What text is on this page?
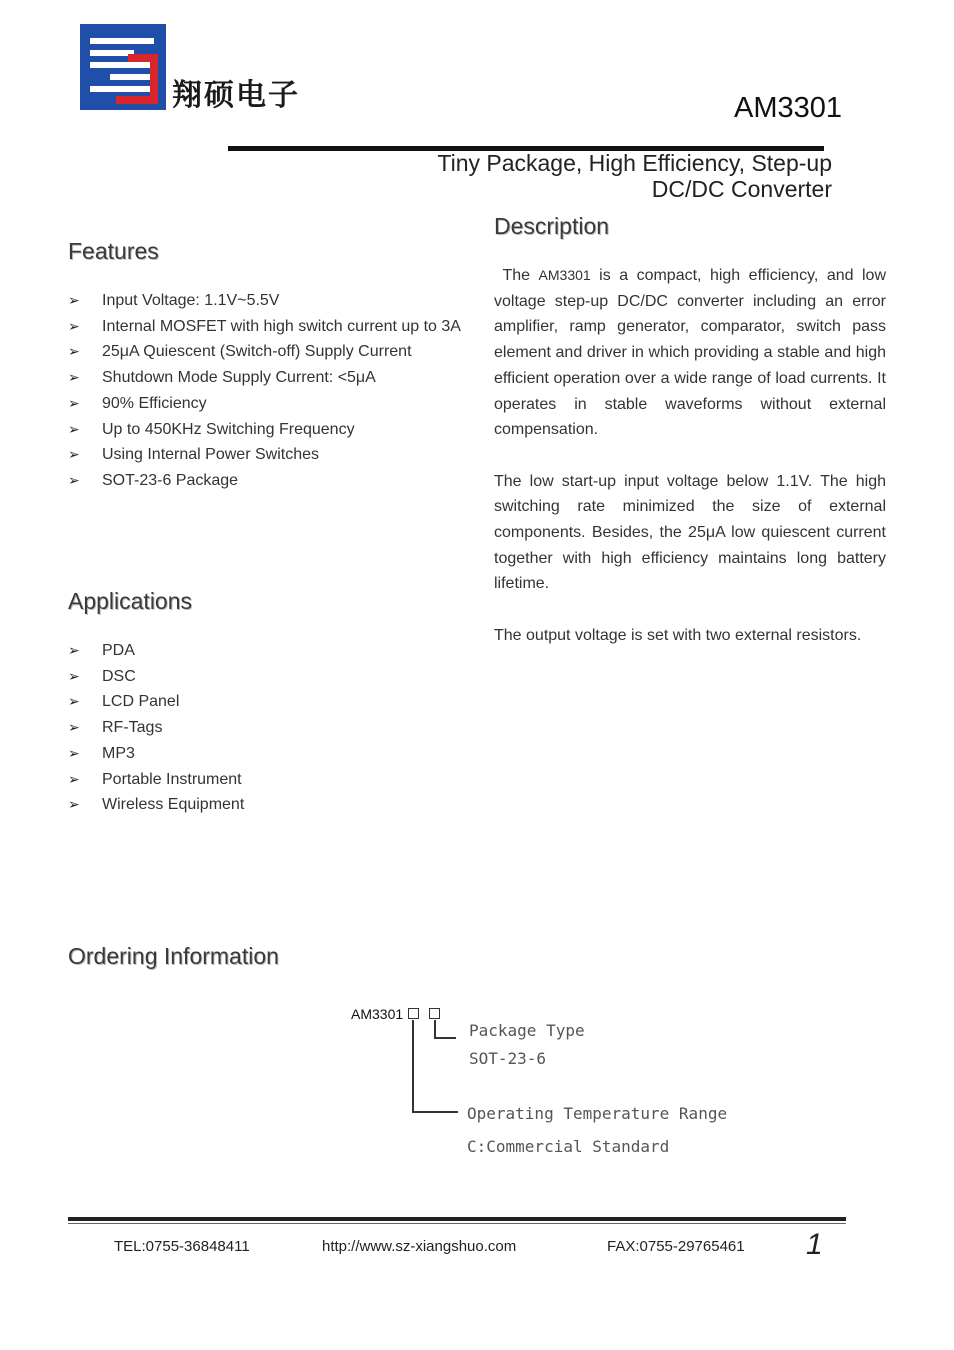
翔硕电子	AM3301
Tiny Package, High Efficiency, Step-up
DC/DC Converter
Features
➢ Input Voltage: 1.1V~5.5V
➢ Internal MOSFET with high switch current up to 3A
➢ 25μA Quiescent (Switch-off) Supply Current
➢ Shutdown Mode Supply Current: <5μA
➢ 90% Efficiency
➢ Up to 450KHz Switching Frequency
➢ Using Internal Power Switches
➢ SOT-23-6 Package
Applications
➢ PDA
➢ DSC
➢ LCD Panel
➢ RF-Tags
➢ MP3
➢ Portable Instrument
➢ Wireless Equipment
Description

The AM3301 is a compact, high efficiency, and low voltage step-up DC/DC converter including an error amplifier, ramp generator, comparator, switch pass element and driver in which providing a stable and high efficient operation over a wide range of load currents. It operates in stable waveforms without external compensation.

The low start-up input voltage below 1.1V. The high switching rate minimized the size of external components. Besides, the 25μA low quiescent current together with high efficiency maintains long battery lifetime.

The output voltage is set with two external resistors.

Ordering Information
AM3301
Package Type
SOT-23-6
Operating Temperature Range
C:Commercial Standard
TEL:0755-36848411	http://www.sz-xiangshuo.com	FAX:0755-29765461 1
